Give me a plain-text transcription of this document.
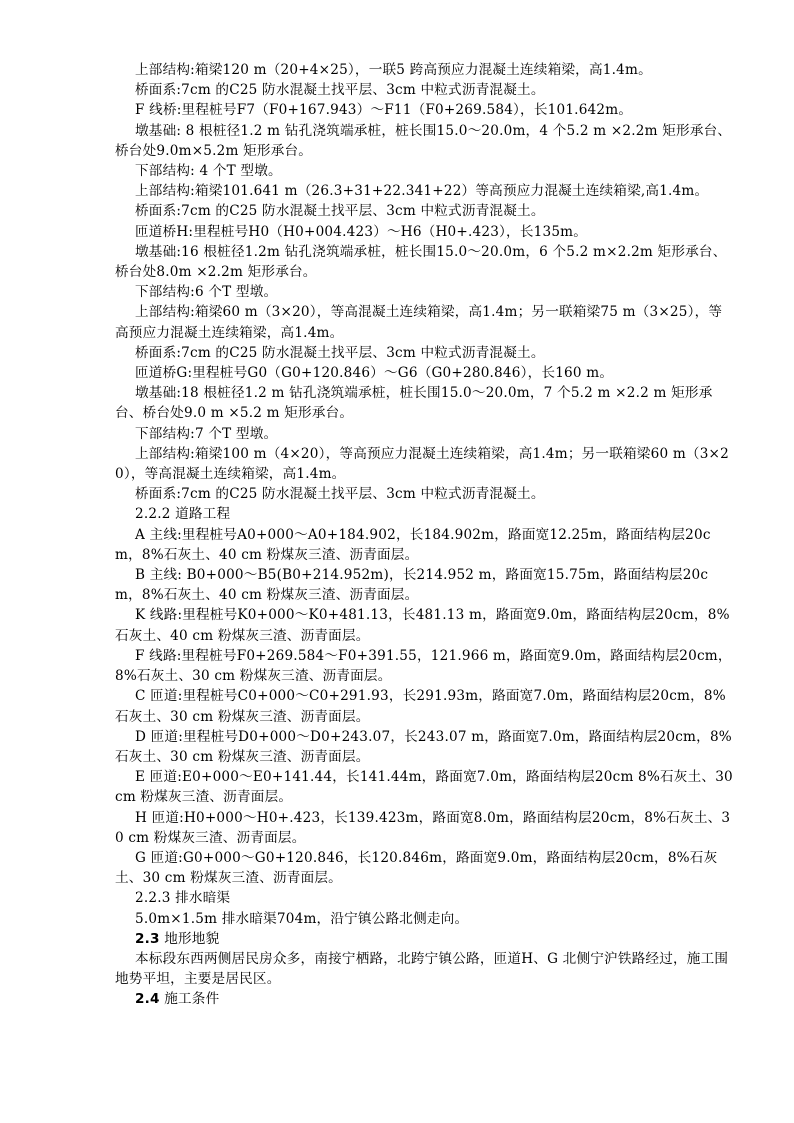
上部结构:箱梁120 m（20+4×25），一联5 跨高预应力混凝土连续箱梁，高1.4m。

桥面系:7cm 的C25 防水混凝土找平层、3cm 中粒式沥青混凝土。

F 线桥:里程桩号F7（F0+167.943）～F11（F0+269.584），长101.642m。

墩基础: 8 根桩径1.2 m 钻孔浇筑端承桩，桩长围15.0～20.0m，4 个5.2 m ×2.2m 矩形承台、桥台处9.0m×5.2m 矩形承台。

下部结构: 4 个T 型墩。

上部结构:箱梁101.641 m（26.3+31+22.341+22）等高预应力混凝土连续箱梁,高1.4m。

桥面系:7cm 的C25 防水混凝土找平层、3cm 中粒式沥青混凝土。

匝道桥H:里程桩号H0（H0+004.423）～H6（H0+.423），长135m。

墩基础:16 根桩径1.2m 钻孔浇筑端承桩，桩长围15.0～20.0m，6 个5.2 m×2.2m 矩形承台、桥台处8.0m ×2.2m 矩形承台。

下部结构:6 个T 型墩。

上部结构:箱梁60 m（3×20），等高混凝土连续箱梁，高1.4m；另一联箱梁75 m（3×25），等高预应力混凝土连续箱梁，高1.4m。

桥面系:7cm 的C25 防水混凝土找平层、3cm 中粒式沥青混凝土。

匝道桥G:里程桩号G0（G0+120.846）～G6（G0+280.846），长160 m。

墩基础:18 根桩径1.2 m 钻孔浇筑端承桩，桩长围15.0～20.0m，7 个5.2 m ×2.2 m 矩形承台、桥台处9.0 m ×5.2 m 矩形承台。

下部结构:7 个T 型墩。

上部结构:箱梁100 m（4×20），等高预应力混凝土连续箱梁，高1.4m；另一联箱梁60 m（3×20），等高混凝土连续箱梁，高1.4m。

桥面系:7cm 的C25 防水混凝土找平层、3cm 中粒式沥青混凝土。

2.2.2 道路工程

A 主线:里程桩号A0+000～A0+184.902，长184.902m，路面宽12.25m，路面结构层20cm，8%石灰土、40 cm 粉煤灰三渣、沥青面层。

B 主线: B0+000～B5(B0+214.952m)，长214.952 m，路面宽15.75m，路面结构层20cm，8%石灰土、40 cm 粉煤灰三渣、沥青面层。

K 线路:里程桩号K0+000～K0+481.13，长481.13 m，路面宽9.0m，路面结构层20cm，8%石灰土、40 cm 粉煤灰三渣、沥青面层。

F 线路:里程桩号F0+269.584～F0+391.55，121.966 m，路面宽9.0m，路面结构层20cm，8%石灰土、30 cm 粉煤灰三渣、沥青面层。

C 匝道:里程桩号C0+000～C0+291.93，长291.93m，路面宽7.0m，路面结构层20cm，8%石灰土、30 cm 粉煤灰三渣、沥青面层。

D 匝道:里程桩号D0+000～D0+243.07，长243.07 m，路面宽7.0m，路面结构层20cm，8%石灰土、30 cm 粉煤灰三渣、沥青面层。

E 匝道:E0+000～E0+141.44，长141.44m，路面宽7.0m，路面结构层20cm 8%石灰土、30 cm 粉煤灰三渣、沥青面层。

H 匝道:H0+000～H0+.423，长139.423m，路面宽8.0m，路面结构层20cm，8%石灰土、30 cm 粉煤灰三渣、沥青面层。

G 匝道:G0+000～G0+120.846，长120.846m，路面宽9.0m，路面结构层20cm，8%石灰土、30 cm 粉煤灰三渣、沥青面层。

2.2.3 排水暗渠

5.0m×1.5m 排水暗渠704m，沿宁镇公路北侧走向。

2.3 地形地貌

本标段东西两侧居民房众多，南接宁栖路，北跨宁镇公路，匝道H、G 北侧宁沪铁路经过，施工围地势平坦，主要是居民区。

2.4 施工条件
